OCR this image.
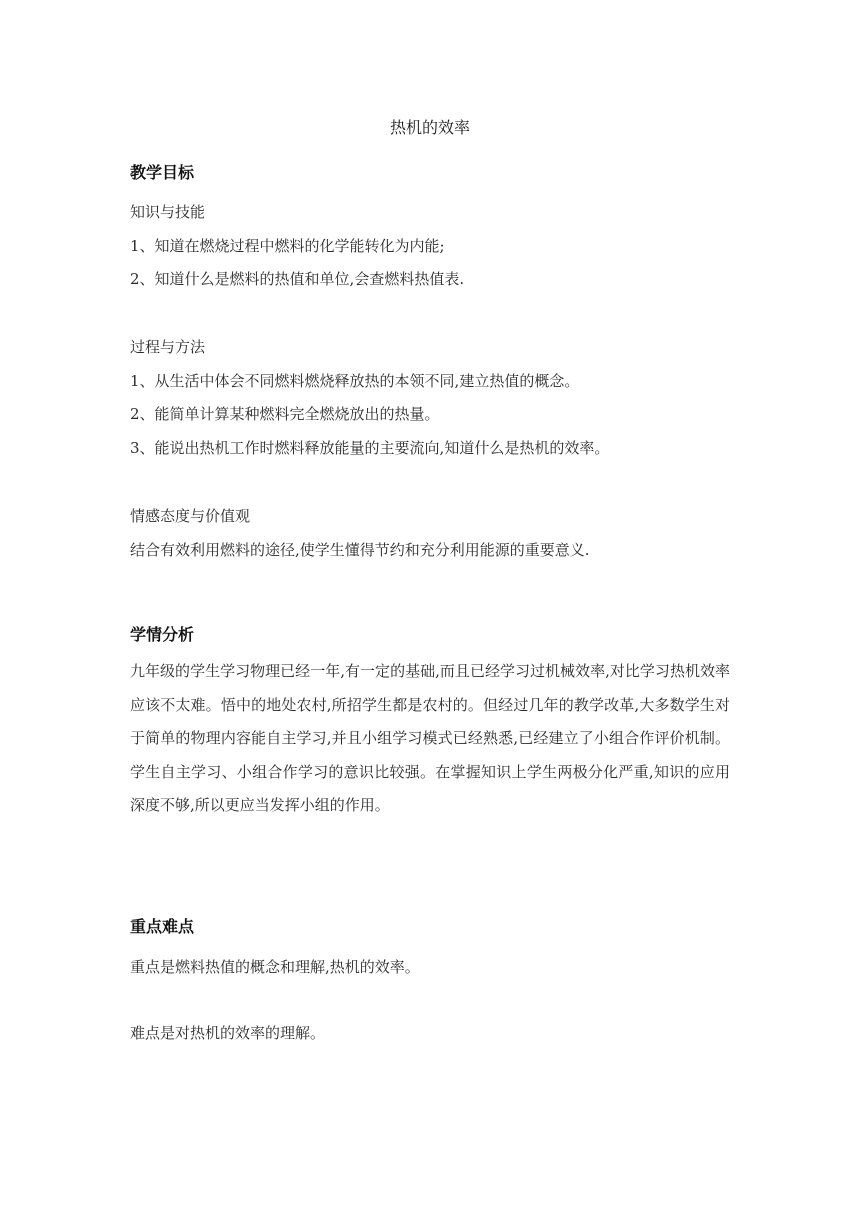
热机的效率
教学目标
知识与技能
1、知道在燃烧过程中燃料的化学能转化为内能;
2、知道什么是燃料的热值和单位,会查燃料热值表.
过程与方法
1、从生活中体会不同燃料燃烧释放热的本领不同,建立热值的概念。
2、能简单计算某种燃料完全燃烧放出的热量。
3、能说出热机工作时燃料释放能量的主要流向,知道什么是热机的效率。
情感态度与价值观
结合有效利用燃料的途径,使学生懂得节约和充分利用能源的重要意义.
学情分析

九年级的学生学习物理已经一年,有一定的基础,而且已经学习过机械效率,对比学习热机效率应该不太难。悟中的地处农村,所招学生都是农村的。但经过几年的教学改革,大多数学生对于简单的物理内容能自主学习,并且小组学习模式已经熟悉,已经建立了小组合作评价机制。学生自主学习、小组合作学习的意识比较强。在掌握知识上学生两极分化严重,知识的应用深度不够,所以更应当发挥小组的作用。

重点难点
重点是燃料热值的概念和理解,热机的效率。
难点是对热机的效率的理解。
